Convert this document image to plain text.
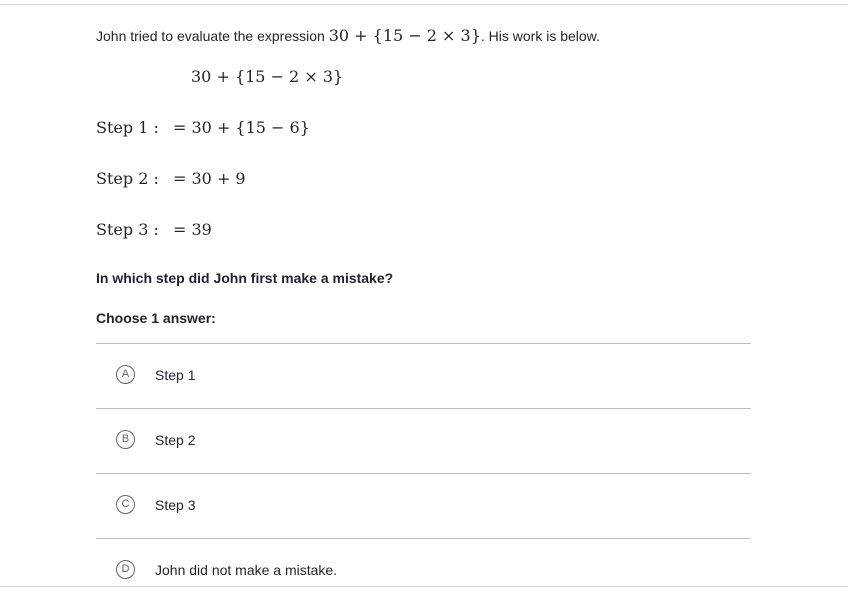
John tried to evaluate the expression 30 + {15 − 2 × 3}. His work is below.
30 + {15 − 2 × 3}
Step 1 : = 30 + {15 − 6}
Step 2 : = 30 + 9
Step 3 : = 39
In which step did John first make a mistake?
Choose 1 answer:
A	Step 1
B	Step 2
C	Step 3
D	John did not make a mistake.
